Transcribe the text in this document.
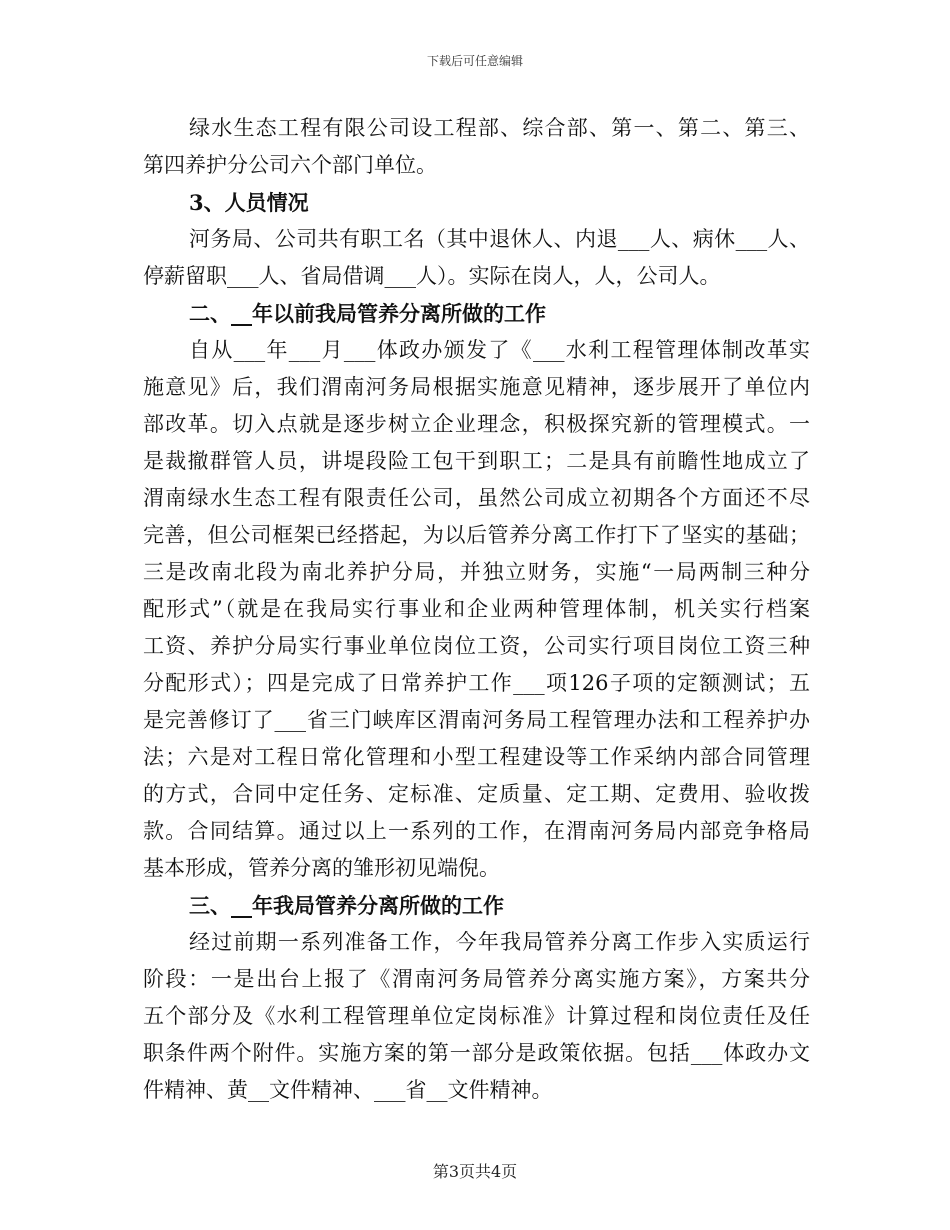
下载后可任意编辑
绿水生态工程有限公司设工程部、综合部、第一、第二、第三、
第四养护分公司六个部门单位。
3、人员情况
河务局、公司共有职工名（其中退休人、内退___人、病休___人、
停薪留职___人、省局借调___人）。实际在岗人，人，公司人。
二、__年以前我局管养分离所做的工作
自从___年___月___体政办颁发了《___水利工程管理体制改革实
施意见》后，我们渭南河务局根据实施意见精神，逐步展开了单位内
部改革。切入点就是逐步树立企业理念，积极探究新的管理模式。一
是裁撤群管人员，讲堤段险工包干到职工；二是具有前瞻性地成立了
渭南绿水生态工程有限责任公司，虽然公司成立初期各个方面还不尽
完善，但公司框架已经搭起，为以后管养分离工作打下了坚实的基础；
三是改南北段为南北养护分局，并独立财务，实施“一局两制三种分
配形式”（就是在我局实行事业和企业两种管理体制，机关实行档案
工资、养护分局实行事业单位岗位工资，公司实行项目岗位工资三种
分配形式）；四是完成了日常养护工作___项126子项的定额测试；五
是完善修订了___省三门峡库区渭南河务局工程管理办法和工程养护办
法；六是对工程日常化管理和小型工程建设等工作采纳内部合同管理
的方式，合同中定任务、定标准、定质量、定工期、定费用、验收拨
款。合同结算。通过以上一系列的工作，在渭南河务局内部竞争格局
基本形成，管养分离的雏形初见端倪。
三、__年我局管养分离所做的工作
经过前期一系列准备工作，今年我局管养分离工作步入实质运行
阶段：一是出台上报了《渭南河务局管养分离实施方案》，方案共分
五个部分及《水利工程管理单位定岗标准》计算过程和岗位责任及任
职条件两个附件。实施方案的第一部分是政策依据。包括___体政办文
件精神、黄__文件精神、___省__文件精神。
第3页共4页
